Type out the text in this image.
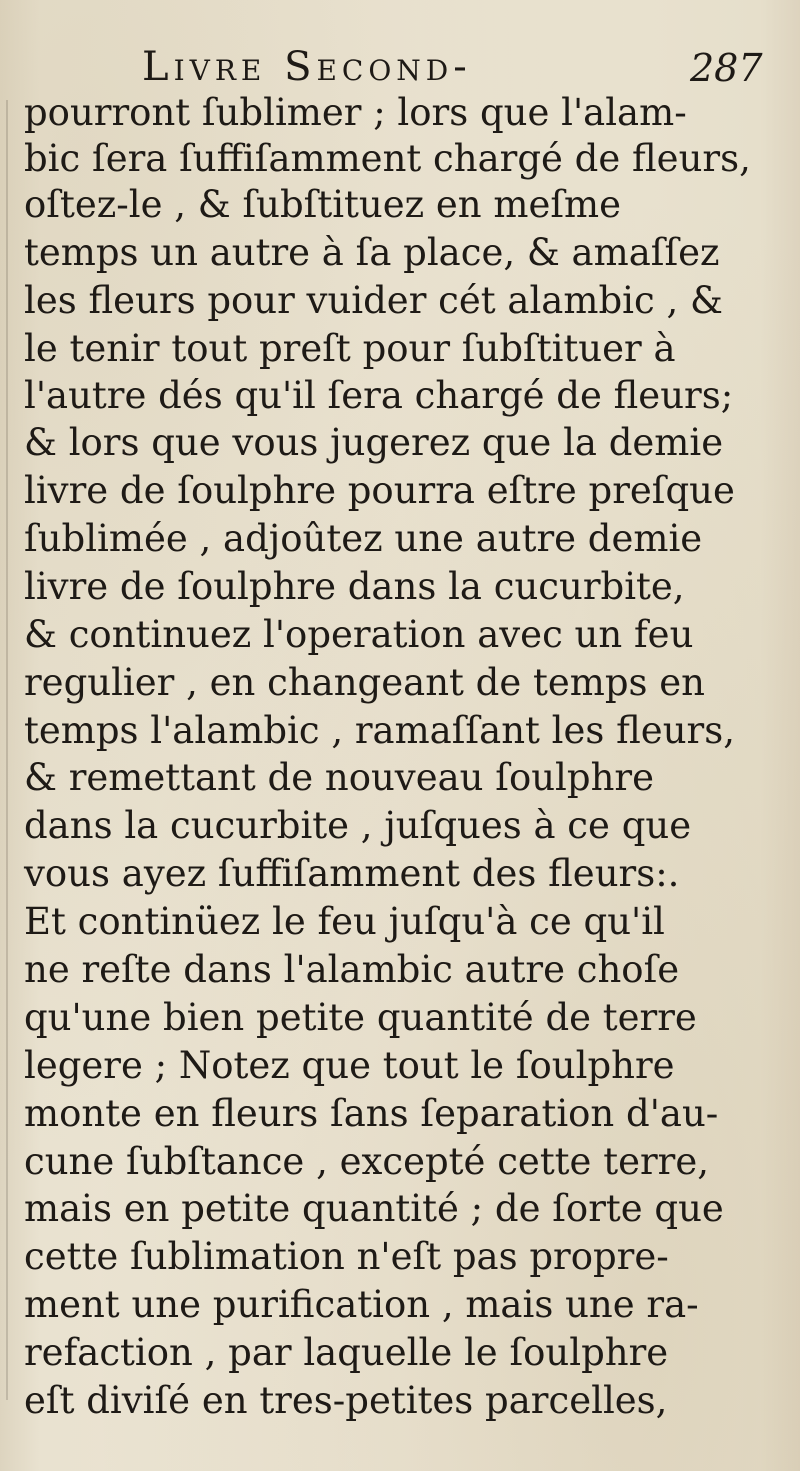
Livre Second-	287
pourront ſublimer ; lors que l'alam-
bic ſera ſuffiſamment chargé de fleurs,
oſtez-le , & ſubſtituez en meſme
temps un autre à ſa place, & amaſſez
les fleurs pour vuider cét alambic , &
le tenir tout preſt pour ſubſtituer à
l'autre dés qu'il ſera chargé de fleurs;
& lors que vous jugerez que la demie
livre de ſoulphre pourra eſtre preſque
ſublimée , adjoûtez une autre demie
livre de ſoulphre dans la cucurbite,
& continuez l'operation avec un feu
regulier , en changeant de temps en
temps l'alambic , ramaſſant les fleurs,
& remettant de nouveau ſoulphre
dans la cucurbite , juſques à ce que
vous ayez ſuffiſamment des fleurs:.
Et continüez le feu juſqu'à ce qu'il
ne reſte dans l'alambic autre choſe
qu'une bien petite quantité de terre
legere ; Notez que tout le ſoulphre
monte en fleurs ſans ſeparation d'au-
cune ſubſtance , excepté cette terre,
mais en petite quantité ; de ſorte que
cette ſublimation n'eſt pas propre-
ment une purification , mais une ra-
refaction , par laquelle le ſoulphre
eſt diviſé en tres-petites parcelles,
